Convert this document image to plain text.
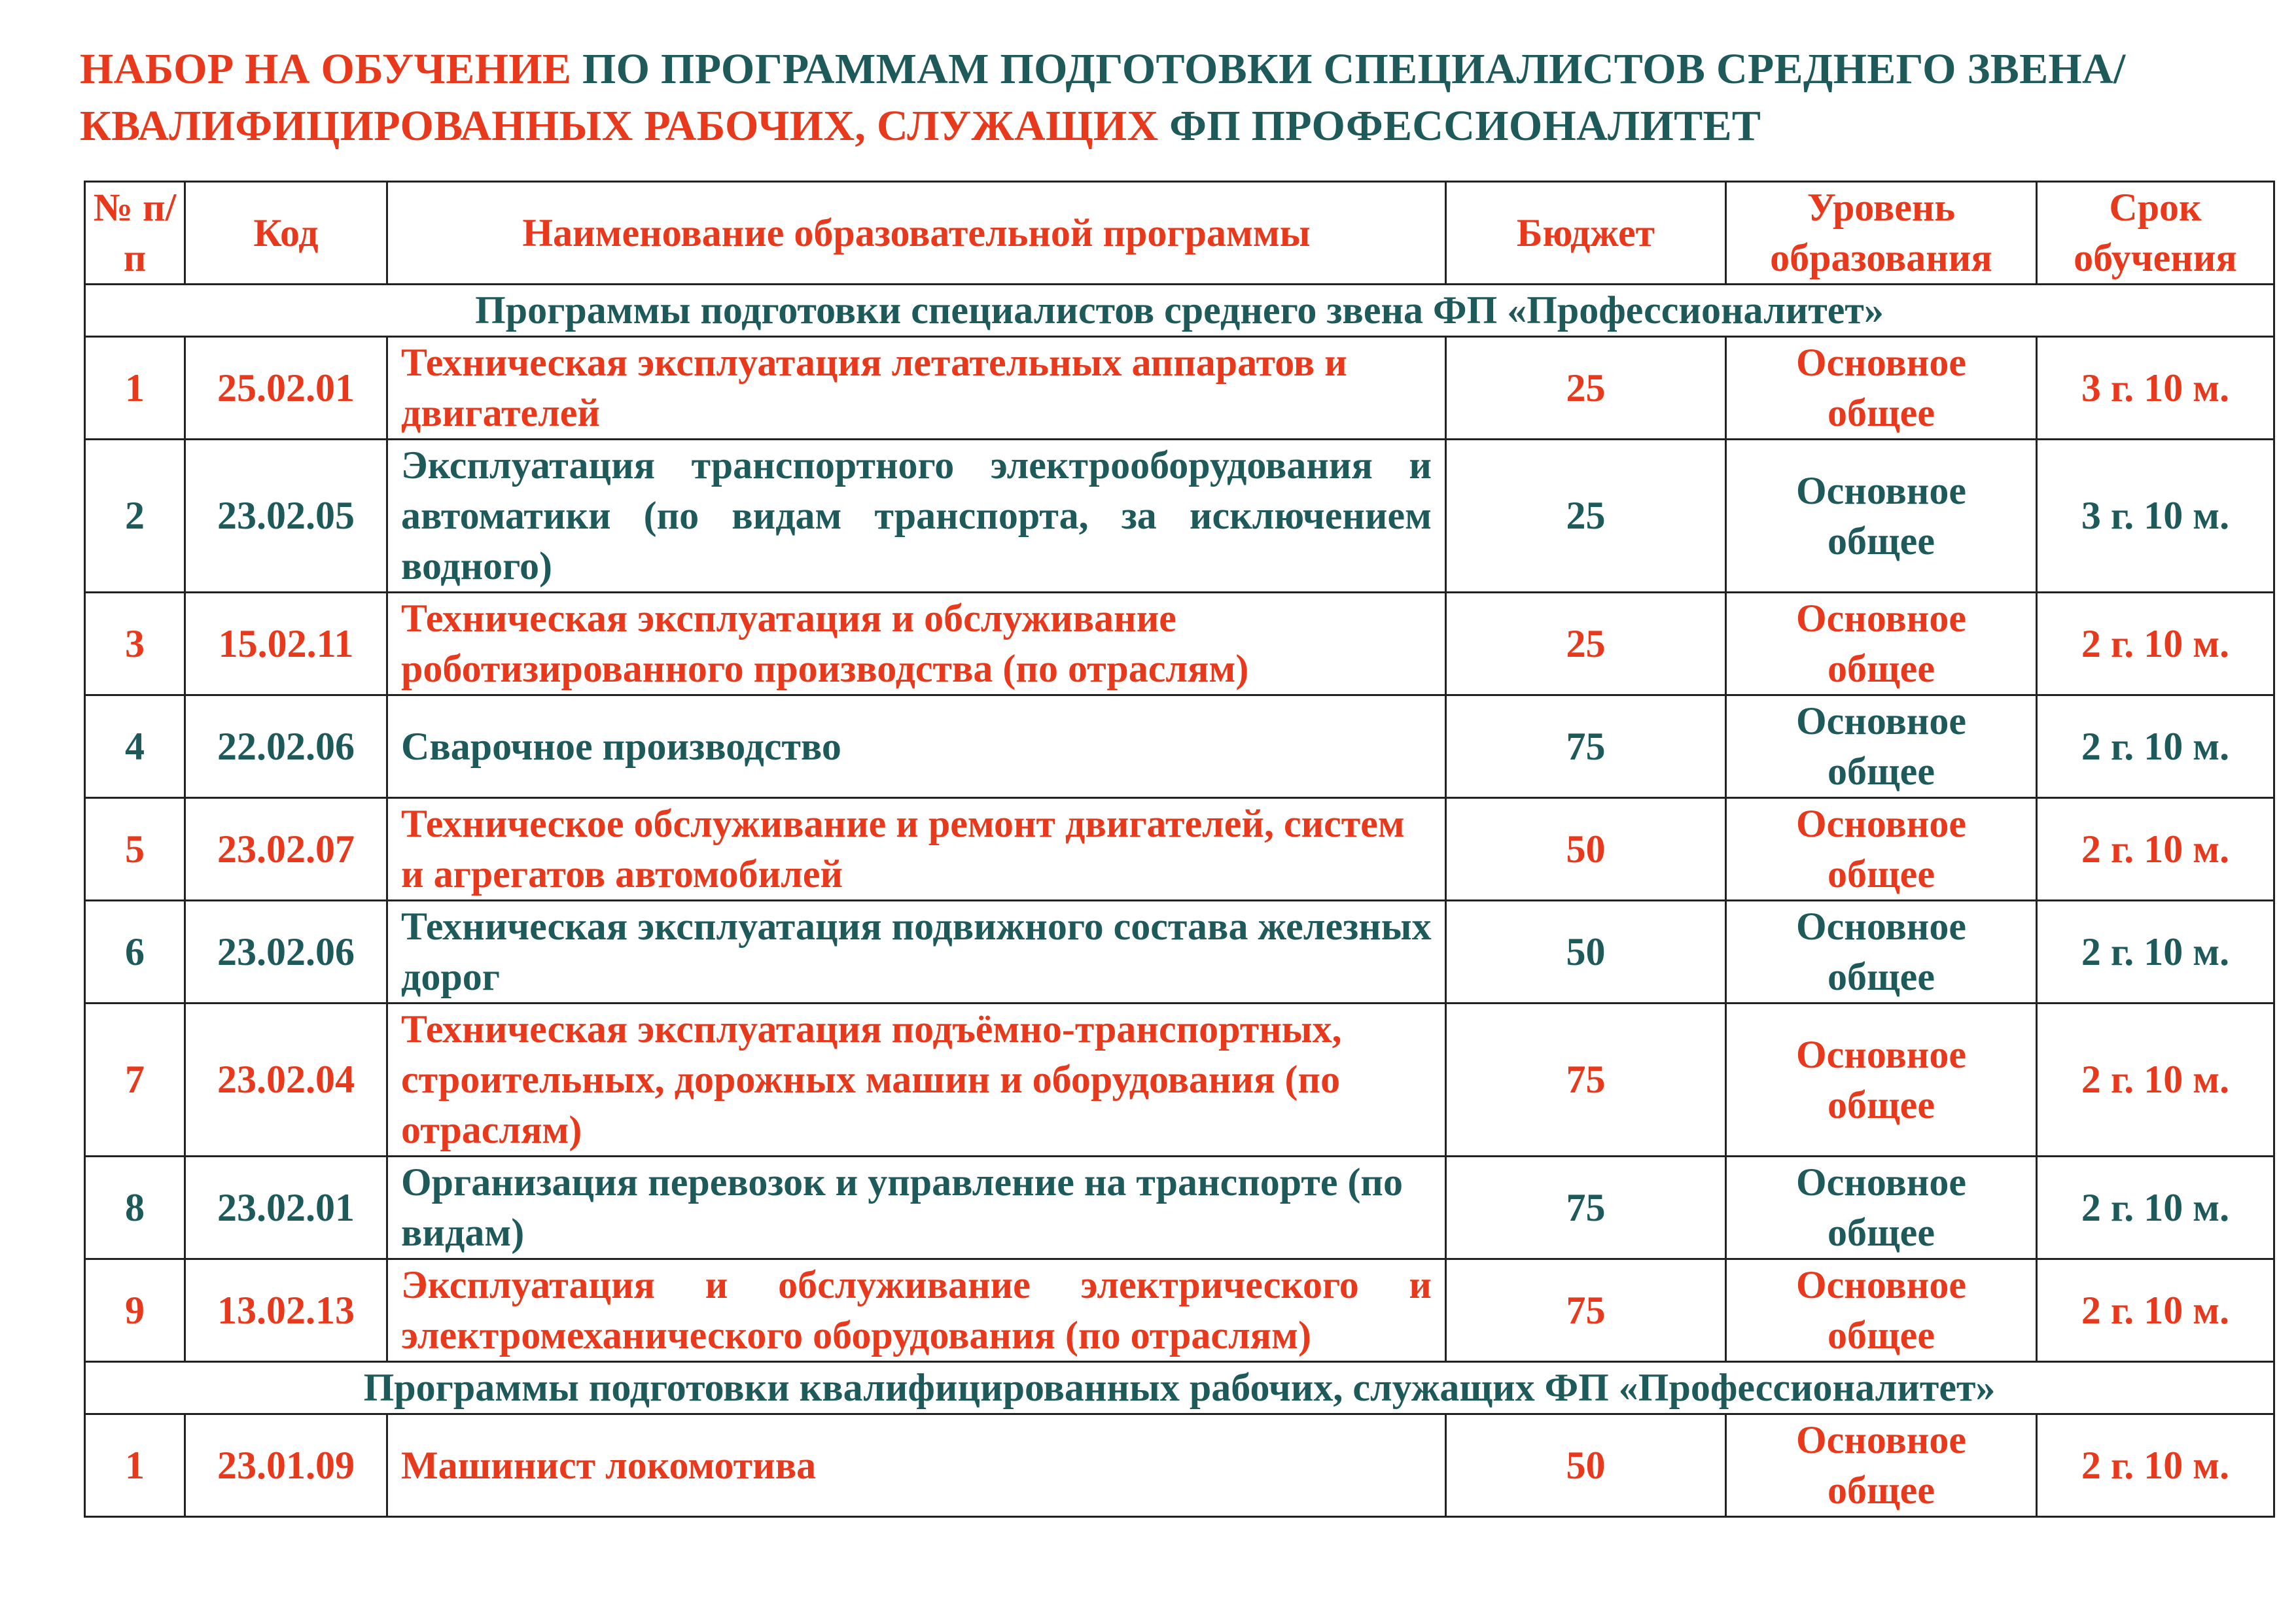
НАБОР НА ОБУЧЕНИЕ ПО ПРОГРАММАМ ПОДГОТОВКИ СПЕЦИАЛИСТОВ СРЕДНЕГО ЗВЕНА/КВАЛИФИЦИРОВАННЫХ РАБОЧИХ, СЛУЖАЩИХ ФП ПРОФЕССИОНАЛИТЕТ
№ п/п	Код	Наименование образовательной программы	Бюджет	Уровень образования	Срок обучения
Программы подготовки специалистов среднего звена ФП «Профессионалитет»					
1	25.02.01	Техническая эксплуатация летательных аппаратов и двигателей	25	Основное общее	3 г. 10 м.
2	23.02.05	Эксплуатация транспортного электрооборудования и автоматики (по видам транспорта, за исключением водного)	25	Основное общее	3 г. 10 м.
3	15.02.11	Техническая эксплуатация и обслуживание роботизированного производства (по отраслям)	25	Основное общее	2 г. 10 м.
4	22.02.06	Сварочное производство	75	Основное общее	2 г. 10 м.
5	23.02.07	Техническое обслуживание и ремонт двигателей, систем и агрегатов автомобилей	50	Основное общее	2 г. 10 м.
6	23.02.06	Техническая эксплуатация подвижного состава железных дорог	50	Основное общее	2 г. 10 м.
7	23.02.04	Техническая эксплуатация подъёмно-транспортных, строительных, дорожных машин и оборудования (по отраслям)	75	Основное общее	2 г. 10 м.
8	23.02.01	Организация перевозок и управление на транспорте (по видам)	75	Основное общее	2 г. 10 м.
9	13.02.13	Эксплуатация и обслуживание электрического и электромеханического оборудования (по отраслям)	75	Основное общее	2 г. 10 м.
Программы подготовки квалифицированных рабочих, служащих ФП «Профессионалитет»					
1	23.01.09	Машинист локомотива	50	Основное общее	2 г. 10 м.
